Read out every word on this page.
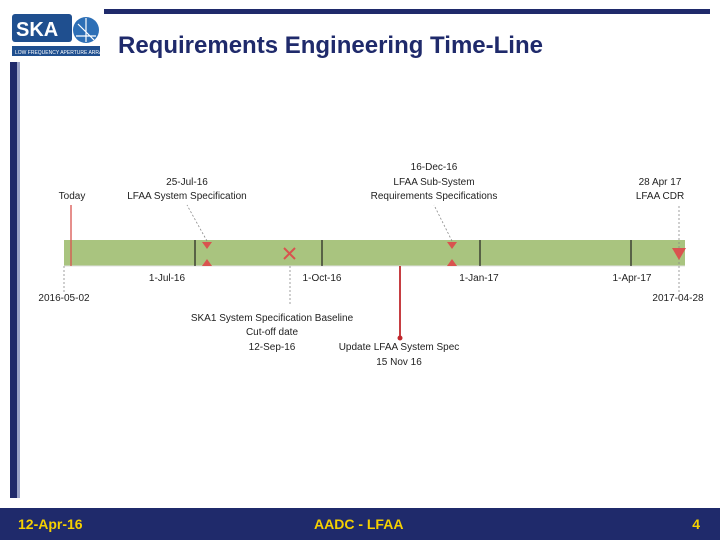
SKA
LOW FREQUENCY APERTURE ARRAY Requirements Engineering Time-Line
Today
25-Jul-16
LFAA System Specification
16-Dec-16
LFAA Sub-System
Requirements Specifications
28 Apr 17
LFAA CDR
1-Jul-16	1-Oct-16	1-Jan-17	1-Apr-17
2016-05-02	2017-04-28
SKA1 System Specification Baseline
Cut-off date
12-Sep-16	Update LFAA System Spec
15 Nov 16
12-Apr-16	AADC - LFAA	4
